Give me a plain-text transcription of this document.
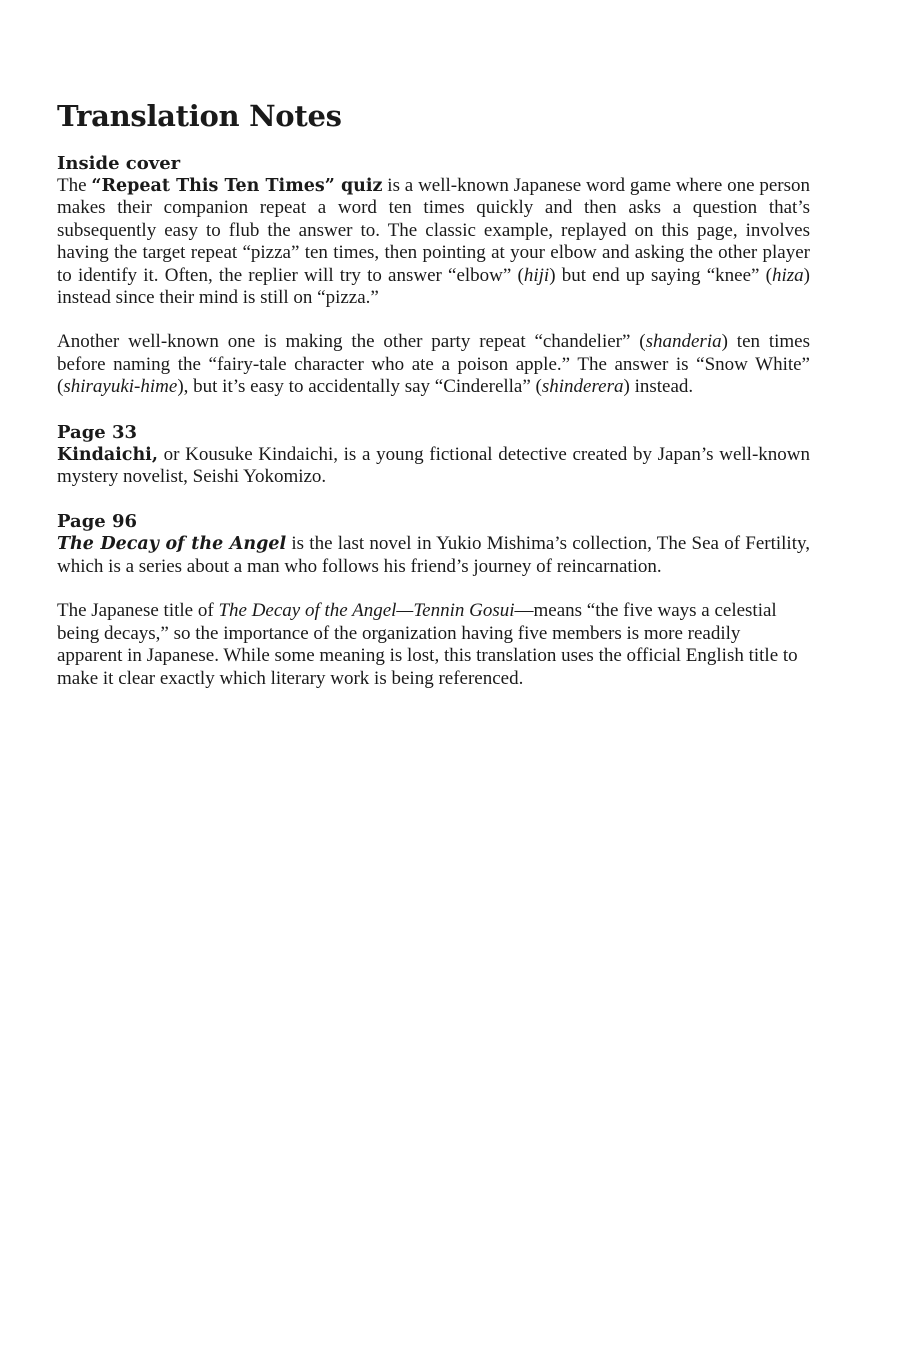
Translation Notes
Inside cover

The “Repeat This Ten Times” quiz is a well-known Japanese word game where one person makes their companion repeat a word ten times quickly and then asks a question that’s subsequently easy to flub the answer to. The classic example, replayed on this page, involves having the target repeat “pizza” ten times, then pointing at your elbow and asking the other player to identify it. Often, the replier will try to answer “elbow” (hiji) but end up saying “knee” (hiza) instead since their mind is still on “pizza.”

Another well-known one is making the other party repeat “chandelier” (shanderia) ten times before naming the “fairy-tale character who ate a poison apple.” The answer is “Snow White” (shirayuki-hime), but it’s easy to accidentally say “Cinderella” (shinderera) instead.

Page 33

Kindaichi, or Kousuke Kindaichi, is a young fictional detective created by Japan’s well-known mystery novelist, Seishi Yokomizo.

Page 96

The Decay of the Angel is the last novel in Yukio Mishima’s collection, The Sea of Fertility, which is a series about a man who follows his friend’s journey of reincarnation.

The Japanese title of The Decay of the Angel—Tennin Gosui—means “the five ways a celestial being decays,” so the importance of the organization having five members is more readily apparent in Japanese. While some meaning is lost, this translation uses the official English title to make it clear exactly which literary work is being referenced.
